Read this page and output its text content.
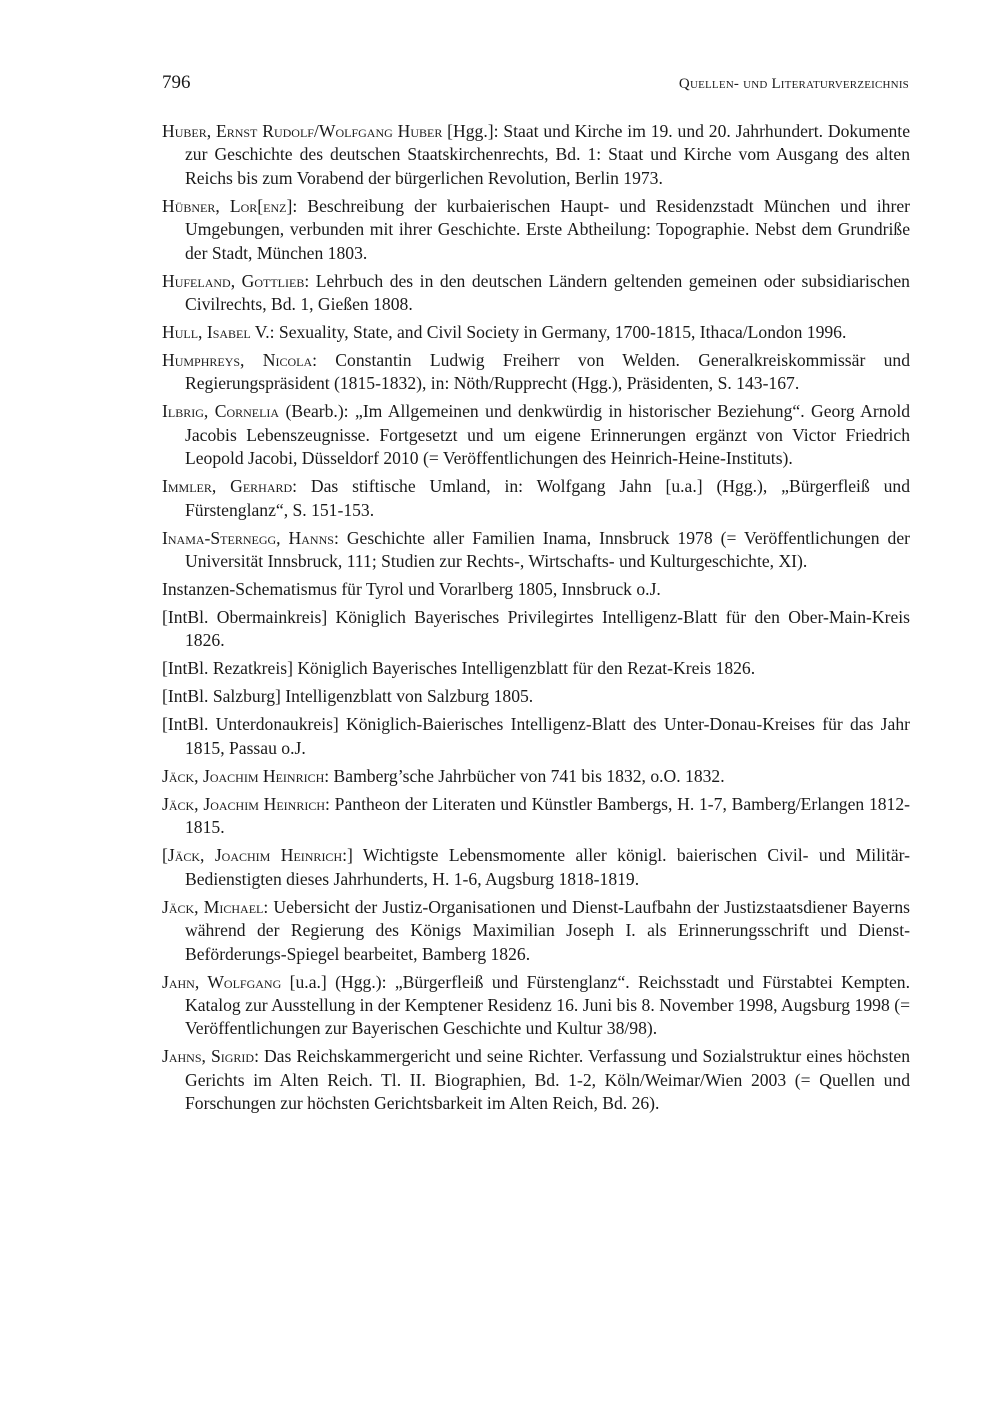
796	Quellen- und Literaturverzeichnis

Huber, Ernst Rudolf/Wolfgang Huber [Hgg.]: Staat und Kirche im 19. und 20. Jahrhundert. Dokumente zur Geschichte des deutschen Staatskirchenrechts, Bd. 1: Staat und Kirche vom Ausgang des alten Reichs bis zum Vorabend der bürgerlichen Revolution, Berlin 1973.

Hübner, Lor[enz]: Beschreibung der kurbaierischen Haupt- und Residenzstadt München und ihrer Umgebungen, verbunden mit ihrer Geschichte. Erste Abtheilung: Topographie. Nebst dem Grundriße der Stadt, München 1803.

Hufeland, Gottlieb: Lehrbuch des in den deutschen Ländern geltenden gemeinen oder subsidiarischen Civilrechts, Bd. 1, Gießen 1808.

Hull, Isabel V.: Sexuality, State, and Civil Society in Germany, 1700-1815, Ithaca/London 1996.

Humphreys, Nicola: Constantin Ludwig Freiherr von Welden. Generalkreiskommissär und Regierungspräsident (1815-1832), in: Nöth/Rupprecht (Hgg.), Präsidenten, S. 143-167.

Ilbrig, Cornelia (Bearb.): „Im Allgemeinen und denkwürdig in historischer Beziehung“. Georg Arnold Jacobis Lebenszeugnisse. Fortgesetzt und um eigene Erinnerungen ergänzt von Victor Friedrich Leopold Jacobi, Düsseldorf 2010 (= Veröffentlichungen des Heinrich-Heine-Instituts).

Immler, Gerhard: Das stiftische Umland, in: Wolfgang Jahn [u.a.] (Hgg.), „Bürgerfleiß und Fürstenglanz“, S. 151-153.

Inama-Sternegg, Hanns: Geschichte aller Familien Inama, Innsbruck 1978 (= Veröffentlichungen der Universität Innsbruck, 111; Studien zur Rechts-, Wirtschafts- und Kulturgeschichte, XI).

Instanzen-Schematismus für Tyrol und Vorarlberg 1805, Innsbruck o.J.

[IntBl. Obermainkreis] Königlich Bayerisches Privilegirtes Intelligenz-Blatt für den Ober-Main-Kreis 1826.

[IntBl. Rezatkreis] Königlich Bayerisches Intelligenzblatt für den Rezat-Kreis 1826.

[IntBl. Salzburg] Intelligenzblatt von Salzburg 1805.

[IntBl. Unterdonaukreis] Königlich-Baierisches Intelligenz-Blatt des Unter-Donau-Kreises für das Jahr 1815, Passau o.J.

Jäck, Joachim Heinrich: Bamberg’sche Jahrbücher von 741 bis 1832, o.O. 1832.

Jäck, Joachim Heinrich: Pantheon der Literaten und Künstler Bambergs, H. 1-7, Bamberg/Erlangen 1812-1815.

[Jäck, Joachim Heinrich:] Wichtigste Lebensmomente aller königl. baierischen Civil- und Militär-Bedienstigten dieses Jahrhunderts, H. 1-6, Augsburg 1818-1819.

Jäck, Michael: Uebersicht der Justiz-Organisationen und Dienst-Laufbahn der Justizstaatsdiener Bayerns während der Regierung des Königs Maximilian Joseph I. als Erinnerungsschrift und Dienst-Beförderungs-Spiegel bearbeitet, Bamberg 1826.

Jahn, Wolfgang [u.a.] (Hgg.): „Bürgerfleiß und Fürstenglanz“. Reichsstadt und Fürstabtei Kempten. Katalog zur Ausstellung in der Kemptener Residenz 16. Juni bis 8. November 1998, Augsburg 1998 (= Veröffentlichungen zur Bayerischen Geschichte und Kultur 38/98).

Jahns, Sigrid: Das Reichskammergericht und seine Richter. Verfassung und Sozialstruktur eines höchsten Gerichts im Alten Reich. Tl. II. Biographien, Bd. 1-2, Köln/Weimar/Wien 2003 (= Quellen und Forschungen zur höchsten Gerichtsbarkeit im Alten Reich, Bd. 26).
